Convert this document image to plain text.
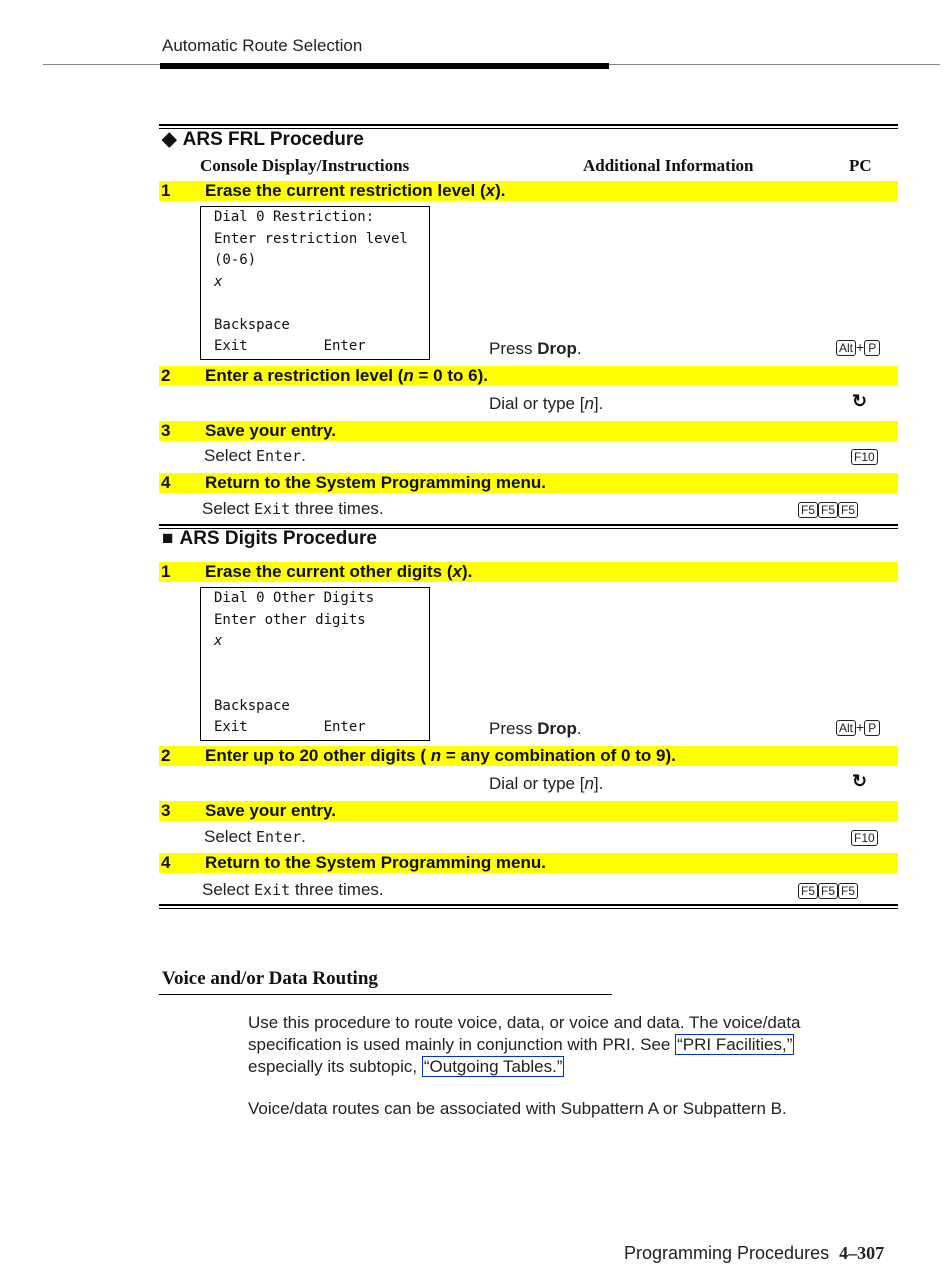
Automatic Route Selection
◆ ARS FRL Procedure
Console Display/Instructions	Additional Information	PC
1 Erase the current restriction level (x).
Dial 0 Restriction:
Enter restriction level
(0-6)
x
Backspace
Exit         Enter	Press Drop.	Alt + P
2 Enter a restriction level (n = 0 to 6).
Dial or type [n].	↻
3 Save your entry.
Select Enter.	F10
4 Return to the System Programming menu.
Select Exit three times.	F5 F5 F5
■ ARS Digits Procedure
1 Erase the current other digits (x).
Dial 0 Other Digits
Enter other digits
x
Backspace
Exit         Enter	Press Drop.	Alt + P
2 Enter up to 20 other digits ( n = any combination of 0 to 9).
Dial or type [n].	↻
3 Save your entry.
Select Enter.	F10
4 Return to the System Programming menu.
Select Exit three times.	F5 F5 F5
Voice and/or Data Routing
Use this procedure to route voice, data, or voice and data. The voice/data specification is used mainly in conjunction with PRI. See “PRI Facilities,” especially its subtopic, “Outgoing Tables.”
Voice/data routes can be associated with Subpattern A or Subpattern B.
Programming Procedures 4–307
